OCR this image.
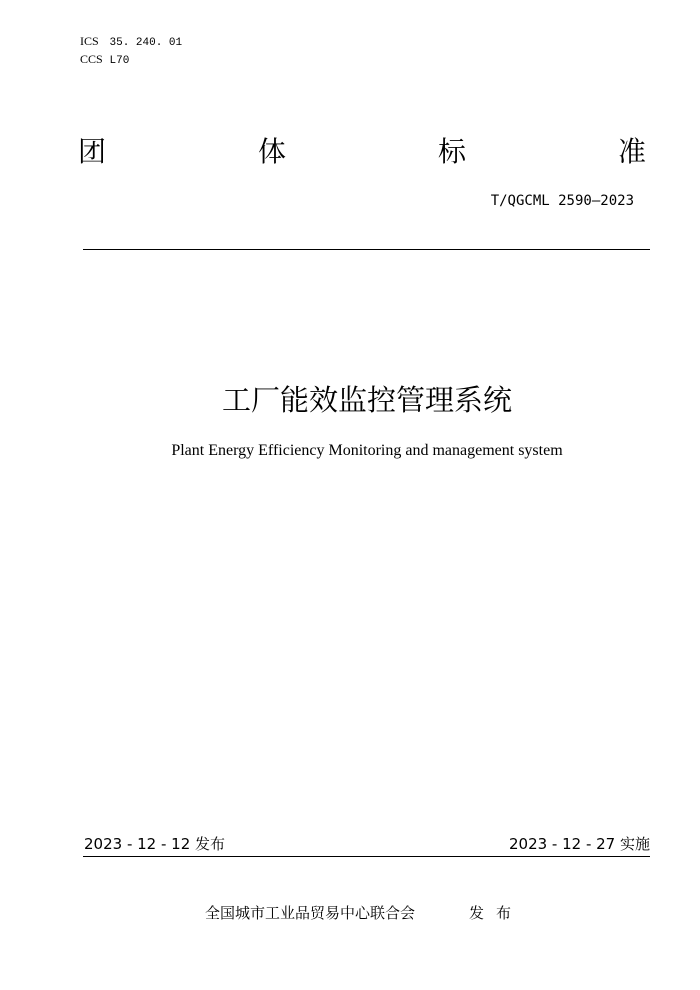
ICS 35. 240. 01
CCS L70
团	体	标	准
T/QGCML 2590—2023
工厂能效监控管理系统
Plant Energy Efficiency Monitoring and management system
2023 - 12 - 12 发布	2023 - 12 - 27 实施
全国城市工业品贸易中心联合会	发布
